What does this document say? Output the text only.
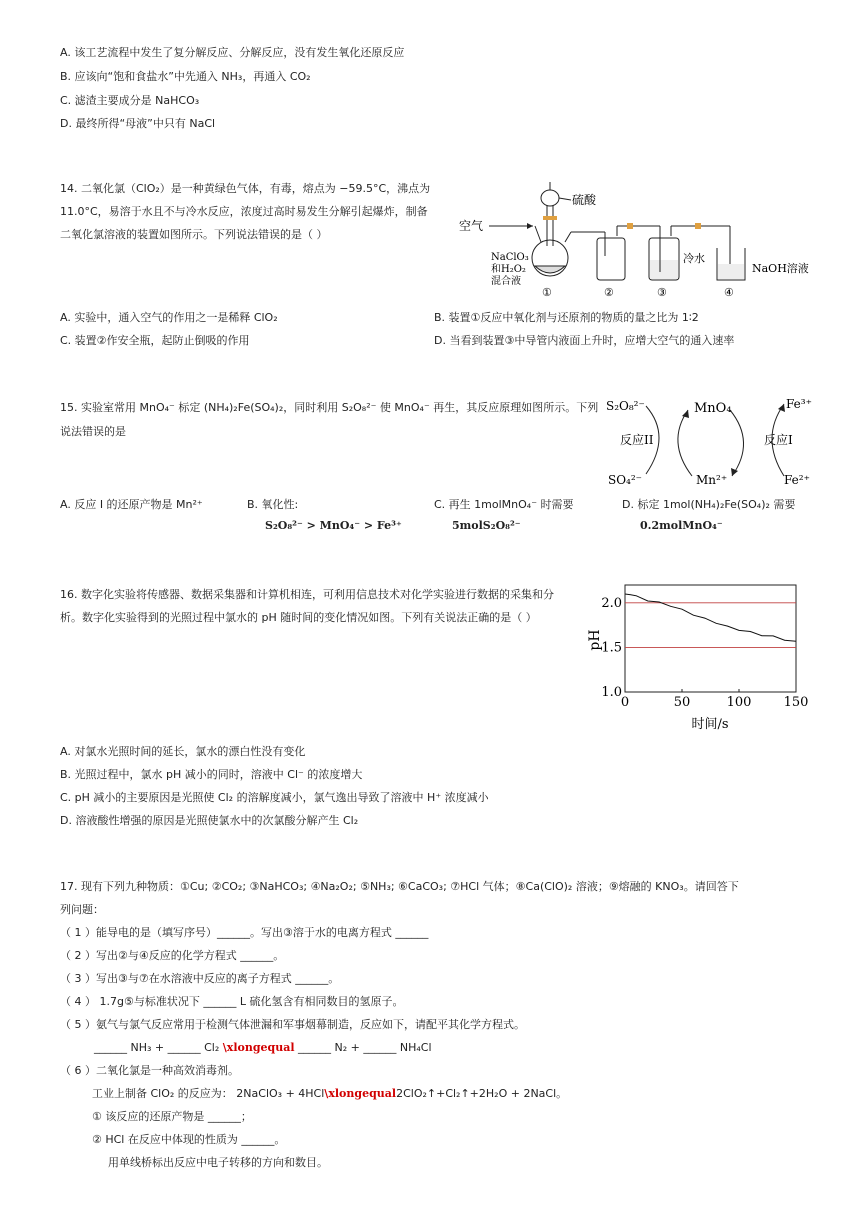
A. 该工艺流程中发生了复分解反应、分解反应，没有发生氧化还原反应
B. 应该向“饱和食盐水”中先通入 NH₃，再通入 CO₂
C. 滤渣主要成分是 NaHCO₃
D. 最终所得“母液”中只有 NaCl
14. 二氧化氯（ClO₂）是一种黄绿色气体，有毒，熔点为 −59.5°C，沸点为
11.0°C，易溶于水且不与冷水反应，浓度过高时易发生分解引起爆炸，制备
二氧化氯溶液的装置如图所示。下列说法错误的是（ ）
空气
硫酸
NaClO₃
和H₂O₂
混合液
①	②
冷水
③
NaOH溶液
④
A. 实验中，通入空气的作用之一是稀释 ClO₂	B. 装置①反应中氧化剂与还原剂的物质的量之比为 1∶2
C. 装置②作安全瓶，起防止倒吸的作用	D. 当看到装置③中导管内液面上升时，应增大空气的通入速率
15. 实验室常用 MnO₄⁻ 标定 (NH₄)₂Fe(SO₄)₂，同时利用 S₂O₈²⁻ 使 MnO₄⁻ 再生，其反应原理如图所示。下列
说法错误的是
S₂O₈²⁻	MnO₄	Fe³⁺
反应II	反应I
SO₄²⁻	Mn²⁺	Fe²⁺
A. 反应 I 的还原产物是 Mn²⁺	B. 氧化性:
S₂O₈²⁻ > MnO₄⁻ > Fe³⁺
C. 再生 1molMnO₄⁻ 时需要
5molS₂O₈²⁻
D. 标定 1mol(NH₄)₂Fe(SO₄)₂ 需要
0.2molMnO₄⁻
16. 数字化实验将传感器、数据采集器和计算机相连，可利用信息技术对化学实验进行数据的采集和分
析。数字化实验得到的光照过程中氯水的 pH 随时间的变化情况如图。下列有关说法正确的是（ ）
0	50	100 150
1.0
1.5
2.0
pH
时间/s
A. 对氯水光照时间的延长，氯水的漂白性没有变化
B. 光照过程中，氯水 pH 减小的同时，溶液中 Cl⁻ 的浓度增大
C. pH 减小的主要原因是光照使 Cl₂ 的溶解度减小，氯气逸出导致了溶液中 H⁺ 浓度减小
D. 溶液酸性增强的原因是光照使氯水中的次氯酸分解产生 Cl₂
17. 现有下列九种物质：①Cu; ②CO₂; ③NaHCO₃; ④Na₂O₂; ⑤NH₃; ⑥CaCO₃; ⑦HCl 气体；⑧Ca(ClO)₂ 溶液；⑨熔融的 KNO₃。请回答下
列问题：
（ 1 ）能导电的是（填写序号）______。写出③溶于水的电离方程式 ______
（ 2 ）写出②与④反应的化学方程式 ______。
（ 3 ）写出③与⑦在水溶液中反应的离子方程式 ______。
（ 4 ） 1.7g⑤与标准状况下 ______ L 硫化氢含有相同数目的氢原子。
（ 5 ）氨气与氯气反应常用于检测气体泄漏和军事烟幕制造，反应如下，请配平其化学方程式。
______ NH₃ + ______ Cl₂ \xlongequal ______ N₂ + ______ NH₄Cl
（ 6 ）二氧化氯是一种高效消毒剂。
工业上制备 ClO₂ 的反应为： 2NaClO₃ + 4HCl\xlongequal2ClO₂↑+Cl₂↑+2H₂O + 2NaCl。
① 该反应的还原产物是 ______；
② HCl 在反应中体现的性质为 ______。
用单线桥标出反应中电子转移的方向和数目。
